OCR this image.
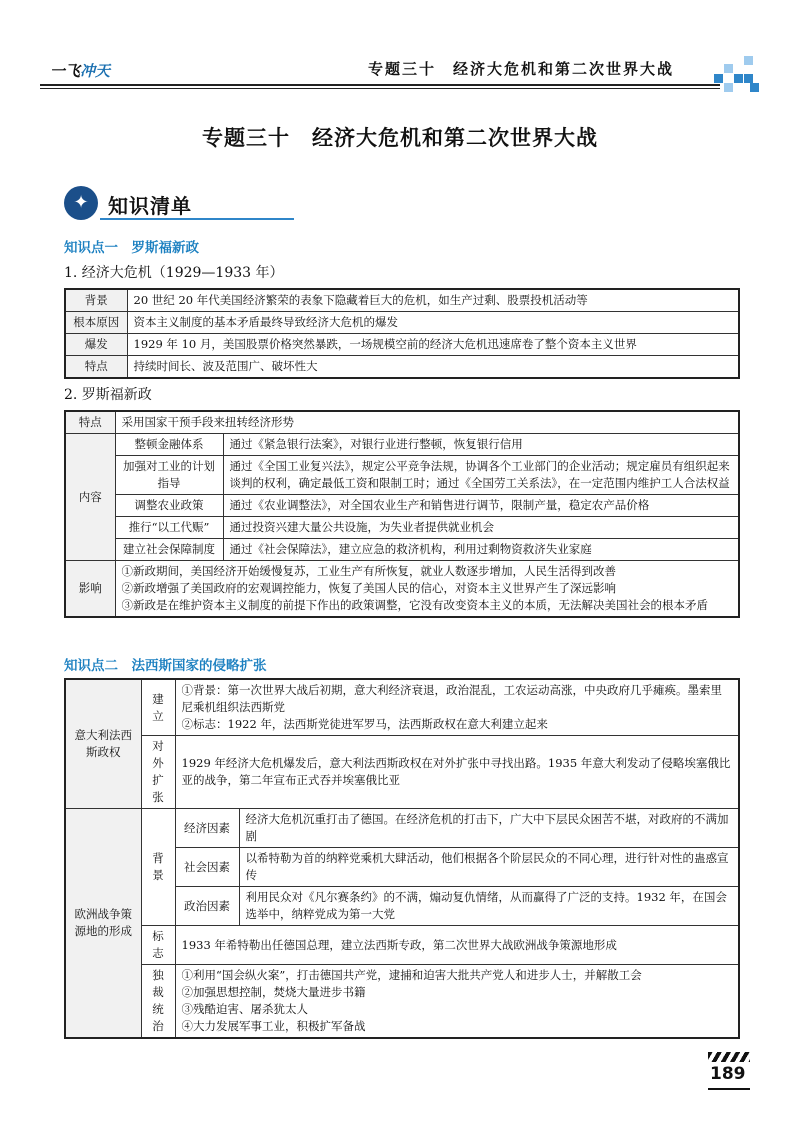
一飞冲天	专题三十　经济大危机和第二次世界大战
专题三十　经济大危机和第二次世界大战
✦ 知识清单
知识点一　罗斯福新政
1. 经济大危机（1929—1933 年）
背景	20 世纪 20 年代美国经济繁荣的表象下隐藏着巨大的危机，如生产过剩、股票投机活动等
根本原因	资本主义制度的基本矛盾最终导致经济大危机的爆发
爆发	1929 年 10 月，美国股票价格突然暴跌，一场规模空前的经济大危机迅速席卷了整个资本主义世界
特点	持续时间长、波及范围广、破坏性大
2. 罗斯福新政
特点	采用国家干预手段来扭转经济形势	
内容	整顿金融体系	通过《紧急银行法案》，对银行业进行整顿，恢复银行信用
	加强对工业的计划指导	通过《全国工业复兴法》，规定公平竞争法规，协调各个工业部门的企业活动；规定雇员有组织起来谈判的权利，确定最低工资和限制工时；通过《全国劳工关系法》，在一定范围内维护工人合法权益
	调整农业政策	通过《农业调整法》，对全国农业生产和销售进行调节，限制产量，稳定农产品价格
	推行“以工代赈”	通过投资兴建大量公共设施，为失业者提供就业机会
	建立社会保障制度	通过《社会保障法》，建立应急的救济机构，利用过剩物资救济失业家庭
影响	①新政期间，美国经济开始缓慢复苏，工业生产有所恢复，就业人数逐步增加，人民生活得到改善
②新政增强了美国政府的宏观调控能力，恢复了美国人民的信心，对资本主义世界产生了深远影响
③新政是在维护资本主义制度的前提下作出的政策调整，它没有改变资本主义的本质，无法解决美国社会的根本矛盾	
知识点二　法西斯国家的侵略扩张
意大利法西斯政权	建立	①背景：第一次世界大战后初期，意大利经济衰退，政治混乱，工农运动高涨，中央政府几乎瘫痪。墨索里尼乘机组织法西斯党
②标志：1922 年，法西斯党徒进军罗马，法西斯政权在意大利建立起来	

	对外扩张	1929 年经济大危机爆发后，意大利法西斯政权在对外扩张中寻找出路。1935 年意大利发动了侵略埃塞俄比亚的战争，第二年宣布正式吞并埃塞俄比亚	
欧洲战争策源地的形成	背景	经济因素	经济大危机沉重打击了德国。在经济危机的打击下，广大中下层民众困苦不堪，对政府的不满加剧
		社会因素	以希特勒为首的纳粹党乘机大肆活动，他们根据各个阶层民众的不同心理，进行针对性的蛊惑宣传
		政治因素	利用民众对《凡尔赛条约》的不满，煽动复仇情绪，从而赢得了广泛的支持。1932 年，在国会选举中，纳粹党成为第一大党
	标志	1933 年希特勒出任德国总理，建立法西斯专政，第二次世界大战欧洲战争策源地形成	
	独裁统治	①利用“国会纵火案”，打击德国共产党，逮捕和迫害大批共产党人和进步人士，并解散工会
②加强思想控制，焚烧大量进步书籍
③残酷迫害、屠杀犹太人
④大力发展军事工业，积极扩军备战	
189
